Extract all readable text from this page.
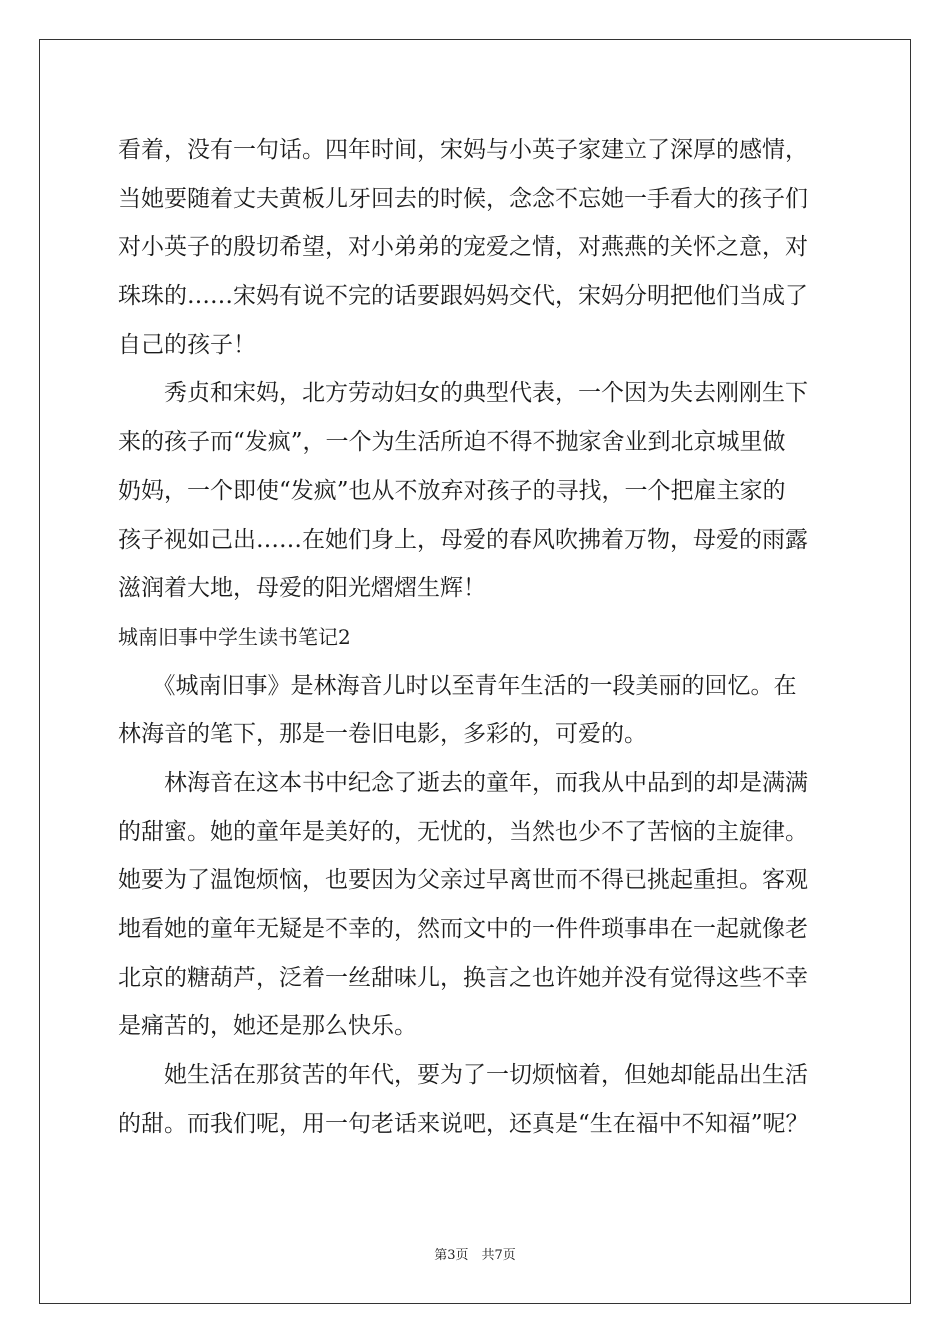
看着，没有一句话。四年时间，宋妈与小英子家建立了深厚的感情，
当她要随着丈夫黄板儿牙回去的时候，念念不忘她一手看大的孩子们
对小英子的殷切希望，对小弟弟的宠爱之情，对燕燕的关怀之意，对
珠珠的……宋妈有说不完的话要跟妈妈交代，宋妈分明把他们当成了
自己的孩子！
　　秀贞和宋妈，北方劳动妇女的典型代表，一个因为失去刚刚生下
来的孩子而“发疯”，一个为生活所迫不得不抛家舍业到北京城里做
奶妈，一个即使“发疯”也从不放弃对孩子的寻找，一个把雇主家的
孩子视如己出……在她们身上，母爱的春风吹拂着万物，母爱的雨露
滋润着大地，母爱的阳光熠熠生辉！
城南旧事中学生读书笔记2
　　《城南旧事》是林海音儿时以至青年生活的一段美丽的回忆。在
林海音的笔下，那是一卷旧电影，多彩的，可爱的。
　　林海音在这本书中纪念了逝去的童年，而我从中品到的却是满满
的甜蜜。她的童年是美好的，无忧的，当然也少不了苦恼的主旋律。
她要为了温饱烦恼，也要因为父亲过早离世而不得已挑起重担。客观
地看她的童年无疑是不幸的，然而文中的一件件琐事串在一起就像老
北京的糖葫芦，泛着一丝甜味儿，换言之也许她并没有觉得这些不幸
是痛苦的，她还是那么快乐。
　　她生活在那贫苦的年代，要为了一切烦恼着，但她却能品出生活
的甜。而我们呢，用一句老话来说吧，还真是“生在福中不知福”呢？
第3页　共7页
